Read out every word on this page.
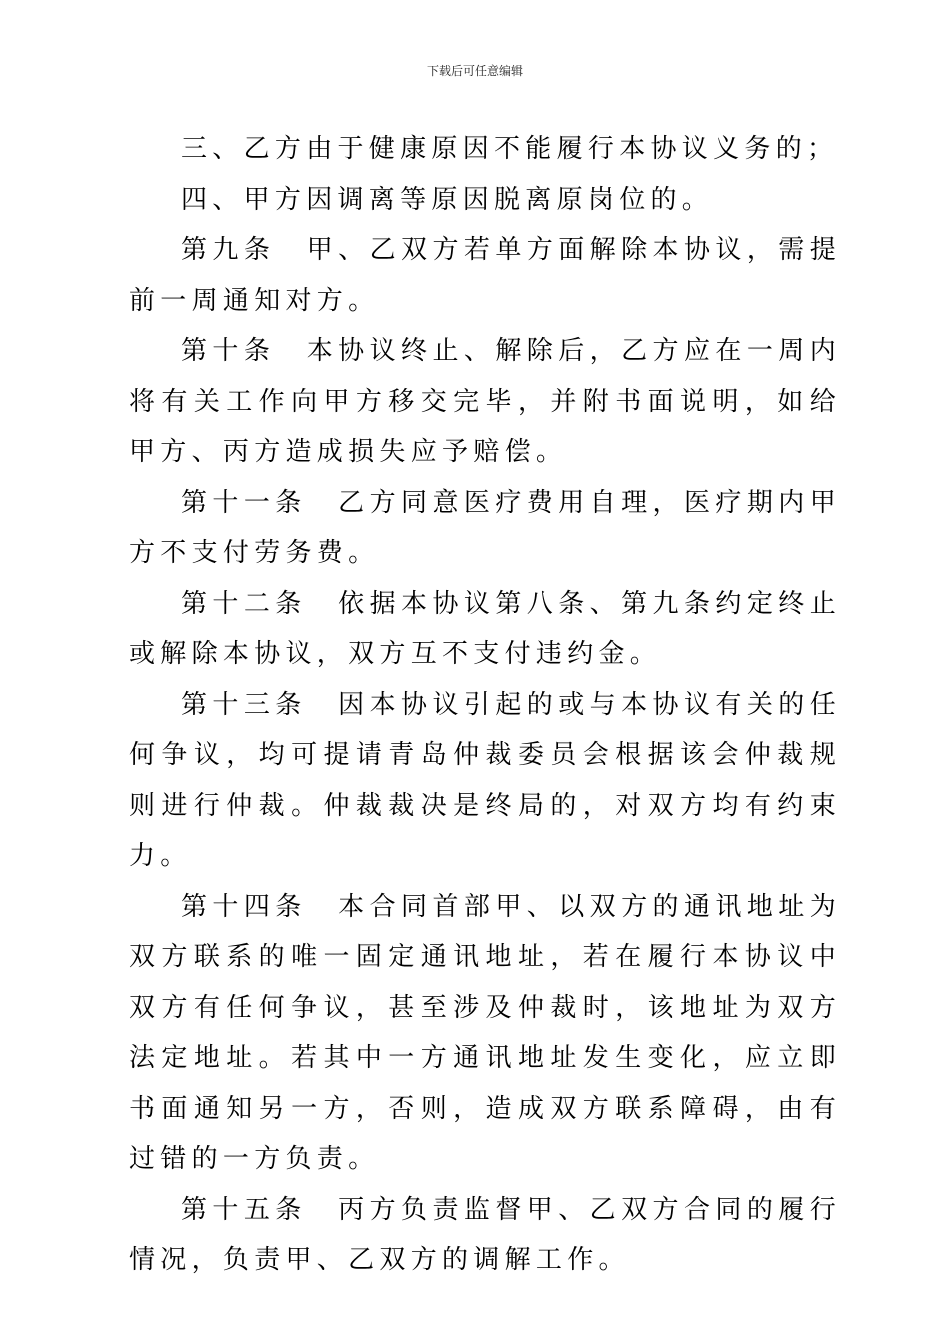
下载后可任意编辑

三、乙方由于健康原因不能履行本协议义务的；

四、甲方因调离等原因脱离原岗位的。

第九条　甲、乙双方若单方面解除本协议，需提前一周通知对方。

第十条　本协议终止、解除后，乙方应在一周内将有关工作向甲方移交完毕，并附书面说明，如给甲方、丙方造成损失应予赔偿。

第十一条　乙方同意医疗费用自理，医疗期内甲方不支付劳务费。

第十二条　依据本协议第八条、第九条约定终止或解除本协议，双方互不支付违约金。

第十三条　因本协议引起的或与本协议有关的任何争议，均可提请青岛仲裁委员会根据该会仲裁规则进行仲裁。仲裁裁决是终局的，对双方均有约束力。

第十四条　本合同首部甲、以双方的通讯地址为双方联系的唯一固定通讯地址，若在履行本协议中双方有任何争议，甚至涉及仲裁时，该地址为双方法定地址。若其中一方通讯地址发生变化，应立即书面通知另一方，否则，造成双方联系障碍，由有过错的一方负责。

第十五条　丙方负责监督甲、乙双方合同的履行情况，负责甲、乙双方的调解工作。
